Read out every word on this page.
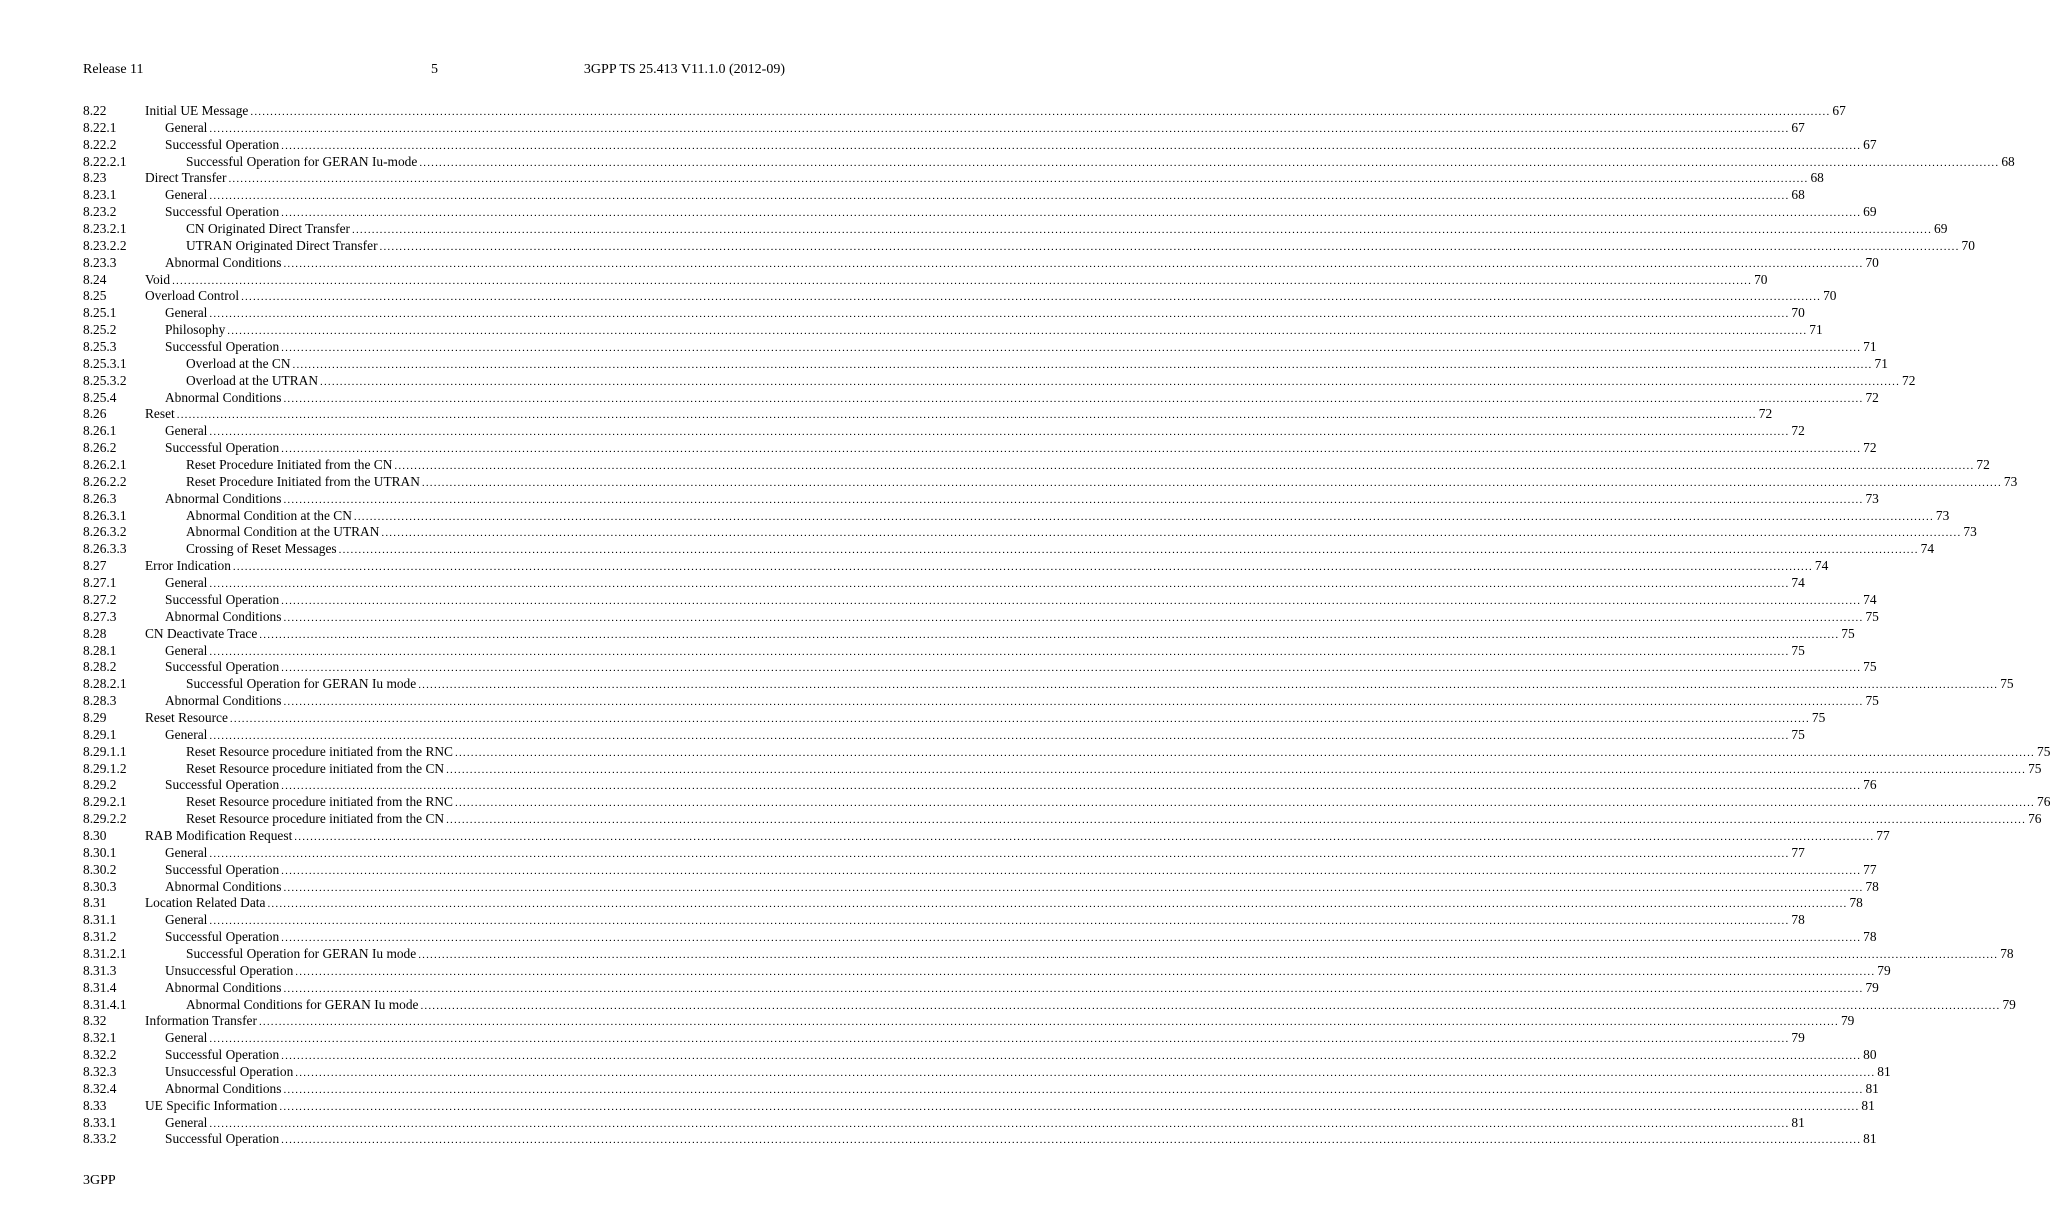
Release 11	5	3GPP TS 25.413 V11.1.0 (2012-09)
8.22	Initial UE Message ................................................................................................................................................................................................................................................................................................................................................................................................................ 67
8.22.1	General ................................................................................................................................................................................................................................................................................................................................................................................................................ 67
8.22.2	Successful Operation ................................................................................................................................................................................................................................................................................................................................................................................................................ 67
8.22.2.1	Successful Operation for GERAN Iu-mode ................................................................................................................................................................................................................................................................................................................................................................................................................ 68
8.23	Direct Transfer ................................................................................................................................................................................................................................................................................................................................................................................................................ 68
8.23.1	General ................................................................................................................................................................................................................................................................................................................................................................................................................ 68
8.23.2	Successful Operation ................................................................................................................................................................................................................................................................................................................................................................................................................ 69
8.23.2.1	CN Originated Direct Transfer ................................................................................................................................................................................................................................................................................................................................................................................................................ 69
8.23.2.2	UTRAN Originated Direct Transfer ................................................................................................................................................................................................................................................................................................................................................................................................................ 70
8.23.3	Abnormal Conditions ................................................................................................................................................................................................................................................................................................................................................................................................................ 70
8.24	Void ................................................................................................................................................................................................................................................................................................................................................................................................................ 70
8.25	Overload Control ................................................................................................................................................................................................................................................................................................................................................................................................................ 70
8.25.1	General ................................................................................................................................................................................................................................................................................................................................................................................................................ 70
8.25.2	Philosophy ................................................................................................................................................................................................................................................................................................................................................................................................................ 71
8.25.3	Successful Operation ................................................................................................................................................................................................................................................................................................................................................................................................................ 71
8.25.3.1	Overload at the CN ................................................................................................................................................................................................................................................................................................................................................................................................................ 71
8.25.3.2	Overload at the UTRAN ................................................................................................................................................................................................................................................................................................................................................................................................................ 72
8.25.4	Abnormal Conditions ................................................................................................................................................................................................................................................................................................................................................................................................................ 72
8.26	Reset ................................................................................................................................................................................................................................................................................................................................................................................................................ 72
8.26.1	General ................................................................................................................................................................................................................................................................................................................................................................................................................ 72
8.26.2	Successful Operation ................................................................................................................................................................................................................................................................................................................................................................................................................ 72
8.26.2.1	Reset Procedure Initiated from the CN ................................................................................................................................................................................................................................................................................................................................................................................................................ 72
8.26.2.2	Reset Procedure Initiated from the UTRAN ................................................................................................................................................................................................................................................................................................................................................................................................................ 73
8.26.3	Abnormal Conditions ................................................................................................................................................................................................................................................................................................................................................................................................................ 73
8.26.3.1	Abnormal Condition at the CN ................................................................................................................................................................................................................................................................................................................................................................................................................ 73
8.26.3.2	Abnormal Condition at the UTRAN ................................................................................................................................................................................................................................................................................................................................................................................................................ 73
8.26.3.3	Crossing of Reset Messages ................................................................................................................................................................................................................................................................................................................................................................................................................ 74
8.27	Error Indication ................................................................................................................................................................................................................................................................................................................................................................................................................ 74
8.27.1	General ................................................................................................................................................................................................................................................................................................................................................................................................................ 74
8.27.2	Successful Operation ................................................................................................................................................................................................................................................................................................................................................................................................................ 74
8.27.3	Abnormal Conditions ................................................................................................................................................................................................................................................................................................................................................................................................................ 75
8.28	CN Deactivate Trace ................................................................................................................................................................................................................................................................................................................................................................................................................ 75
8.28.1	General ................................................................................................................................................................................................................................................................................................................................................................................................................ 75
8.28.2	Successful Operation ................................................................................................................................................................................................................................................................................................................................................................................................................ 75
8.28.2.1	Successful Operation for GERAN Iu mode ................................................................................................................................................................................................................................................................................................................................................................................................................ 75
8.28.3	Abnormal Conditions ................................................................................................................................................................................................................................................................................................................................................................................................................ 75
8.29	Reset Resource ................................................................................................................................................................................................................................................................................................................................................................................................................ 75
8.29.1	General ................................................................................................................................................................................................................................................................................................................................................................................................................ 75
8.29.1.1	Reset Resource procedure initiated from the RNC ................................................................................................................................................................................................................................................................................................................................................................................................................ 75
8.29.1.2	Reset Resource procedure initiated from the CN ................................................................................................................................................................................................................................................................................................................................................................................................................ 75
8.29.2	Successful Operation ................................................................................................................................................................................................................................................................................................................................................................................................................ 76
8.29.2.1	Reset Resource procedure initiated from the RNC ................................................................................................................................................................................................................................................................................................................................................................................................................ 76
8.29.2.2	Reset Resource procedure initiated from the CN ................................................................................................................................................................................................................................................................................................................................................................................................................ 76
8.30	RAB Modification Request ................................................................................................................................................................................................................................................................................................................................................................................................................ 77
8.30.1	General ................................................................................................................................................................................................................................................................................................................................................................................................................ 77
8.30.2	Successful Operation ................................................................................................................................................................................................................................................................................................................................................................................................................ 77
8.30.3	Abnormal Conditions ................................................................................................................................................................................................................................................................................................................................................................................................................ 78
8.31	Location Related Data ................................................................................................................................................................................................................................................................................................................................................................................................................ 78
8.31.1	General ................................................................................................................................................................................................................................................................................................................................................................................................................ 78
8.31.2	Successful Operation ................................................................................................................................................................................................................................................................................................................................................................................................................ 78
8.31.2.1	Successful Operation for GERAN Iu mode ................................................................................................................................................................................................................................................................................................................................................................................................................ 78
8.31.3	Unsuccessful Operation ................................................................................................................................................................................................................................................................................................................................................................................................................ 79
8.31.4	Abnormal Conditions ................................................................................................................................................................................................................................................................................................................................................................................................................ 79
8.31.4.1	Abnormal Conditions for GERAN Iu mode ................................................................................................................................................................................................................................................................................................................................................................................................................ 79
8.32	Information Transfer ................................................................................................................................................................................................................................................................................................................................................................................................................ 79
8.32.1	General ................................................................................................................................................................................................................................................................................................................................................................................................................ 79
8.32.2	Successful Operation ................................................................................................................................................................................................................................................................................................................................................................................................................ 80
8.32.3	Unsuccessful Operation ................................................................................................................................................................................................................................................................................................................................................................................................................ 81
8.32.4	Abnormal Conditions ................................................................................................................................................................................................................................................................................................................................................................................................................ 81
8.33	UE Specific Information ................................................................................................................................................................................................................................................................................................................................................................................................................ 81
8.33.1	General ................................................................................................................................................................................................................................................................................................................................................................................................................ 81
8.33.2	Successful Operation ................................................................................................................................................................................................................................................................................................................................................................................................................ 81
3GPP
